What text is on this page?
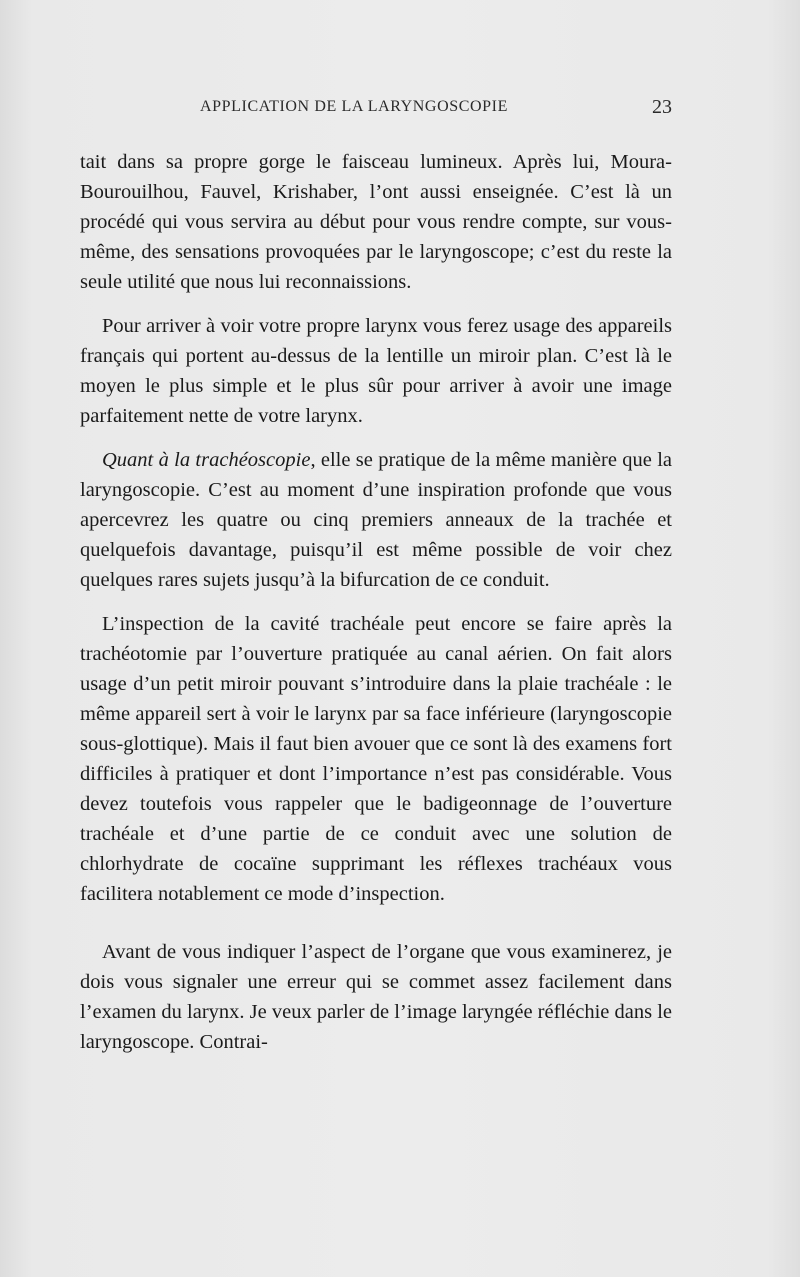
APPLICATION DE LA LARYNGOSCOPIE	23

tait dans sa propre gorge le faisceau lumineux. Après lui, Moura-Bourouilhou, Fauvel, Krishaber, l’ont aussi enseignée. C’est là un procédé qui vous servira au début pour vous rendre compte, sur vous-même, des sensations provoquées par le laryngoscope; c’est du reste la seule utilité que nous lui reconnaissions.

Pour arriver à voir votre propre larynx vous ferez usage des appareils français qui portent au-dessus de la lentille un miroir plan. C’est là le moyen le plus simple et le plus sûr pour arriver à avoir une image parfaitement nette de votre larynx.

Quant à la trachéoscopie, elle se pratique de la même manière que la laryngoscopie. C’est au moment d’une inspiration profonde que vous apercevrez les quatre ou cinq premiers anneaux de la trachée et quelquefois davantage, puisqu’il est même possible de voir chez quelques rares sujets jusqu’à la bifurcation de ce conduit.

L’inspection de la cavité trachéale peut encore se faire après la trachéotomie par l’ouverture pratiquée au canal aérien. On fait alors usage d’un petit miroir pouvant s’introduire dans la plaie trachéale : le même appareil sert à voir le larynx par sa face inférieure (laryngoscopie sous-glottique). Mais il faut bien avouer que ce sont là des examens fort difficiles à pratiquer et dont l’importance n’est pas considérable. Vous devez toutefois vous rappeler que le badigeonnage de l’ouverture trachéale et d’une partie de ce conduit avec une solution de chlorhydrate de cocaïne supprimant les réflexes trachéaux vous facilitera notablement ce mode d’inspection.

Avant de vous indiquer l’aspect de l’organe que vous examinerez, je dois vous signaler une erreur qui se commet assez facilement dans l’examen du larynx. Je veux parler de l’image laryngée réfléchie dans le laryngoscope. Contrai-
